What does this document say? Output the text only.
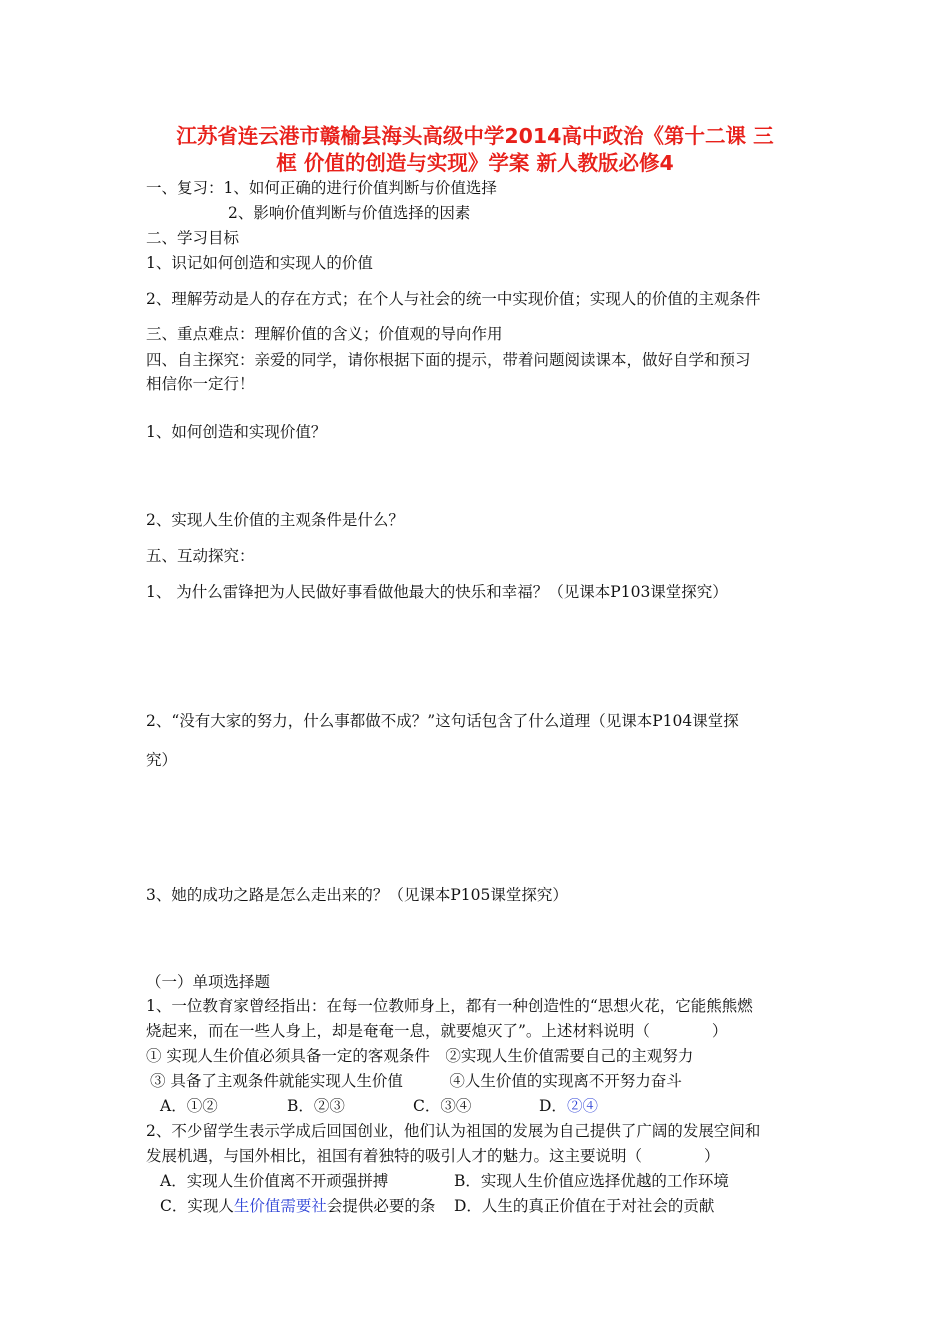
江苏省连云港市赣榆县海头高级中学2014高中政治《第十二课 三
框 价值的创造与实现》学案 新人教版必修4
一、复习：1、如何正确的进行价值判断与价值选择
2、影响价值判断与价值选择的因素
二、学习目标
1、识记如何创造和实现人的价值
2、理解劳动是人的存在方式；在个人与社会的统一中实现价值；实现人的价值的主观条件
三、重点难点：理解价值的含义；价值观的导向作用
四、自主探究：亲爱的同学，请你根据下面的提示，带着问题阅读课本，做好自学和预习
相信你一定行！
1、如何创造和实现价值？
2、实现人生价值的主观条件是什么？
五、互动探究：
1、 为什么雷锋把为人民做好事看做他最大的快乐和幸福？（见课本P103课堂探究）
2、“没有大家的努力，什么事都做不成？”这句话包含了什么道理（见课本P104课堂探
究）
3、她的成功之路是怎么走出来的？（见课本P105课堂探究）
（一）单项选择题
1、一位教育家曾经指出：在每一位教师身上，都有一种创造性的“思想火花，它能熊熊燃
烧起来，而在一些人身上，却是奄奄一息，就要熄灭了”。上述材料说明（　　　　）
① 实现人生价值必须具备一定的客观条件　②实现人生价值需要自己的主观努力
③ 具备了主观条件就能实现人生价值　　　④人生价值的实现离不开努力奋斗
A．①②	B．②③	C．③④	D．②④
2、不少留学生表示学成后回国创业，他们认为祖国的发展为自己提供了广阔的发展空间和
发展机遇，与国外相比，祖国有着独特的吸引人才的魅力。这主要说明（　　　　）
A．实现人生价值离不开顽强拼搏	B．实现人生价值应选择优越的工作环境
C．实现人生价值需要社会提供必要的条 D．人生的真正价值在于对社会的贡献
